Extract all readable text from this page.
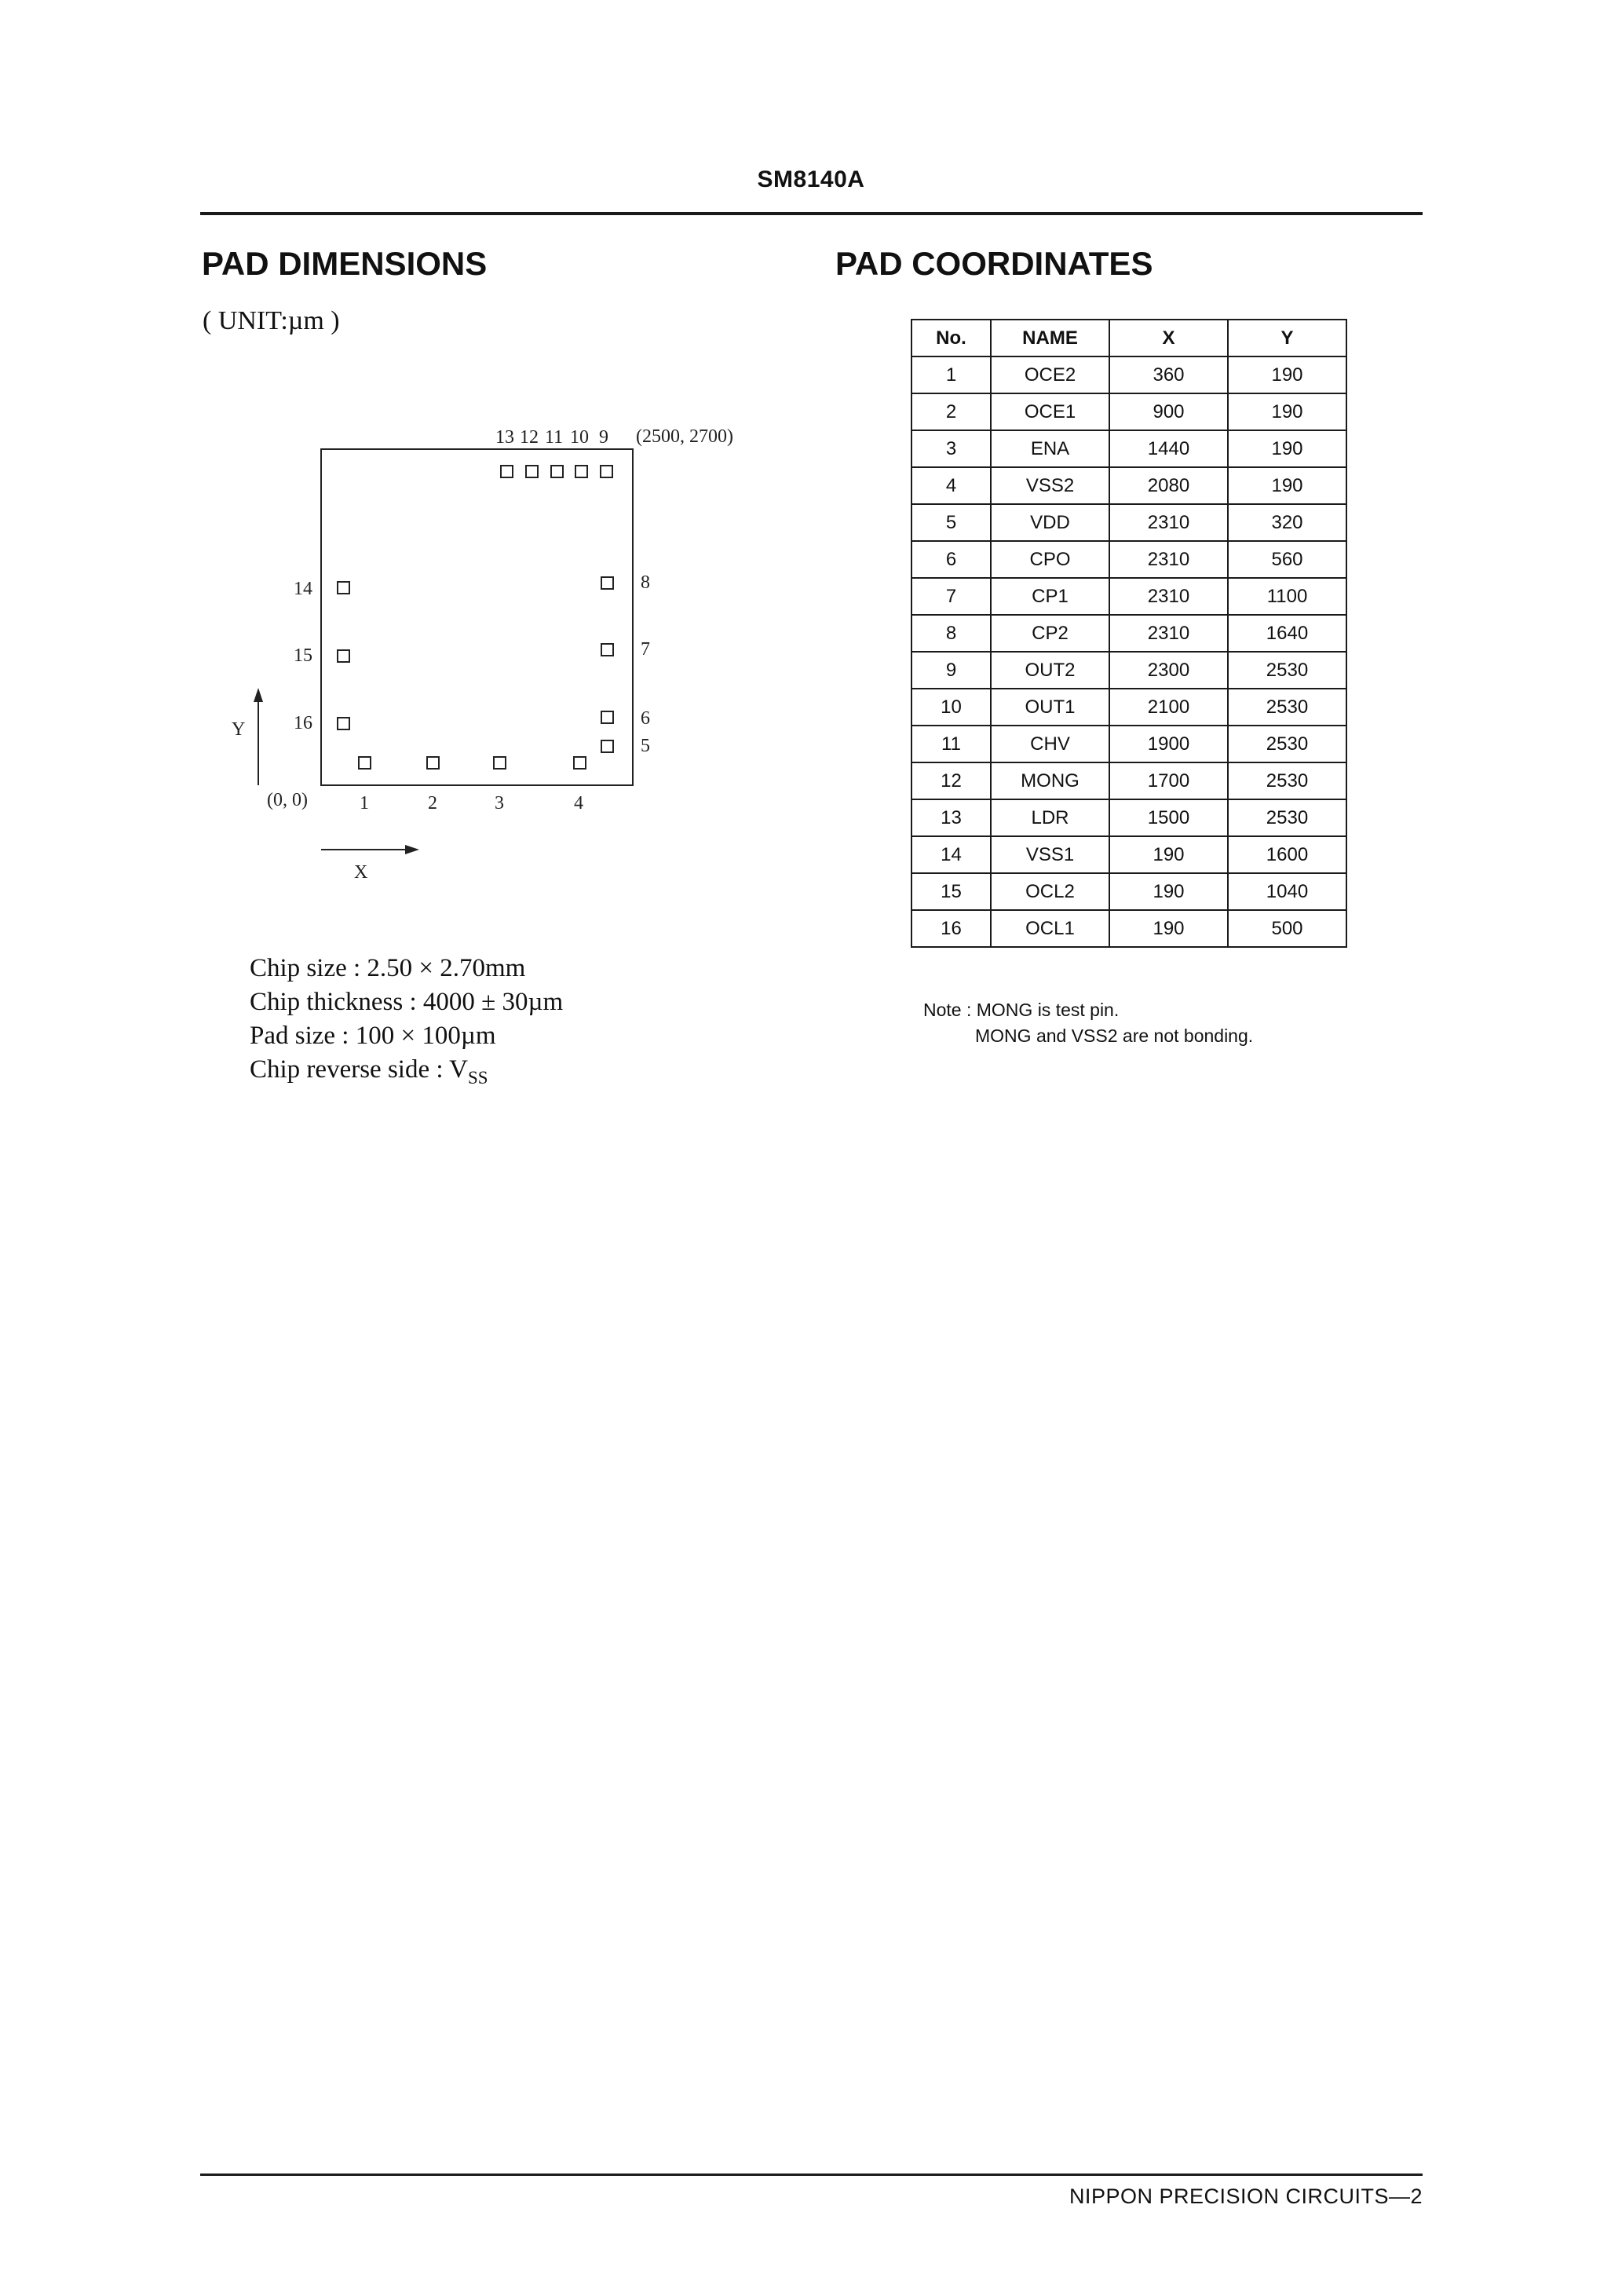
SM8140A
PAD DIMENSIONS
( UNIT:µm )
13 12 11 10 9 (2500, 2700)
14
15
16
8
7
6
5
1	2	3	4
(0, 0)
Y
X
Chip size : 2.50 × 2.70mm
Chip thickness : 4000 ± 30µm
Pad size : 100 × 100µm
Chip reverse side : $V_{SS}$
PAD COORDINATES
No.	NAME	X	Y
1	OCE2	360	190
2	OCE1	900	190
3	ENA	1440	190
4	VSS2	2080	190
5	VDD	2310	320
6	CPO	2310	560
7	CP1	2310	1100
8	CP2	2310	1640
9	OUT2	2300	2530
10	OUT1	2100	2530
11	CHV	1900	2530
12	MONG	1700	2530
13	LDR	1500	2530
14	VSS1	190	1600
15	OCL2	190	1040
16	OCL1	190	500
Note : MONG is test pin.
MONG and VSS2 are not bonding.
NIPPON PRECISION CIRCUITS—2
